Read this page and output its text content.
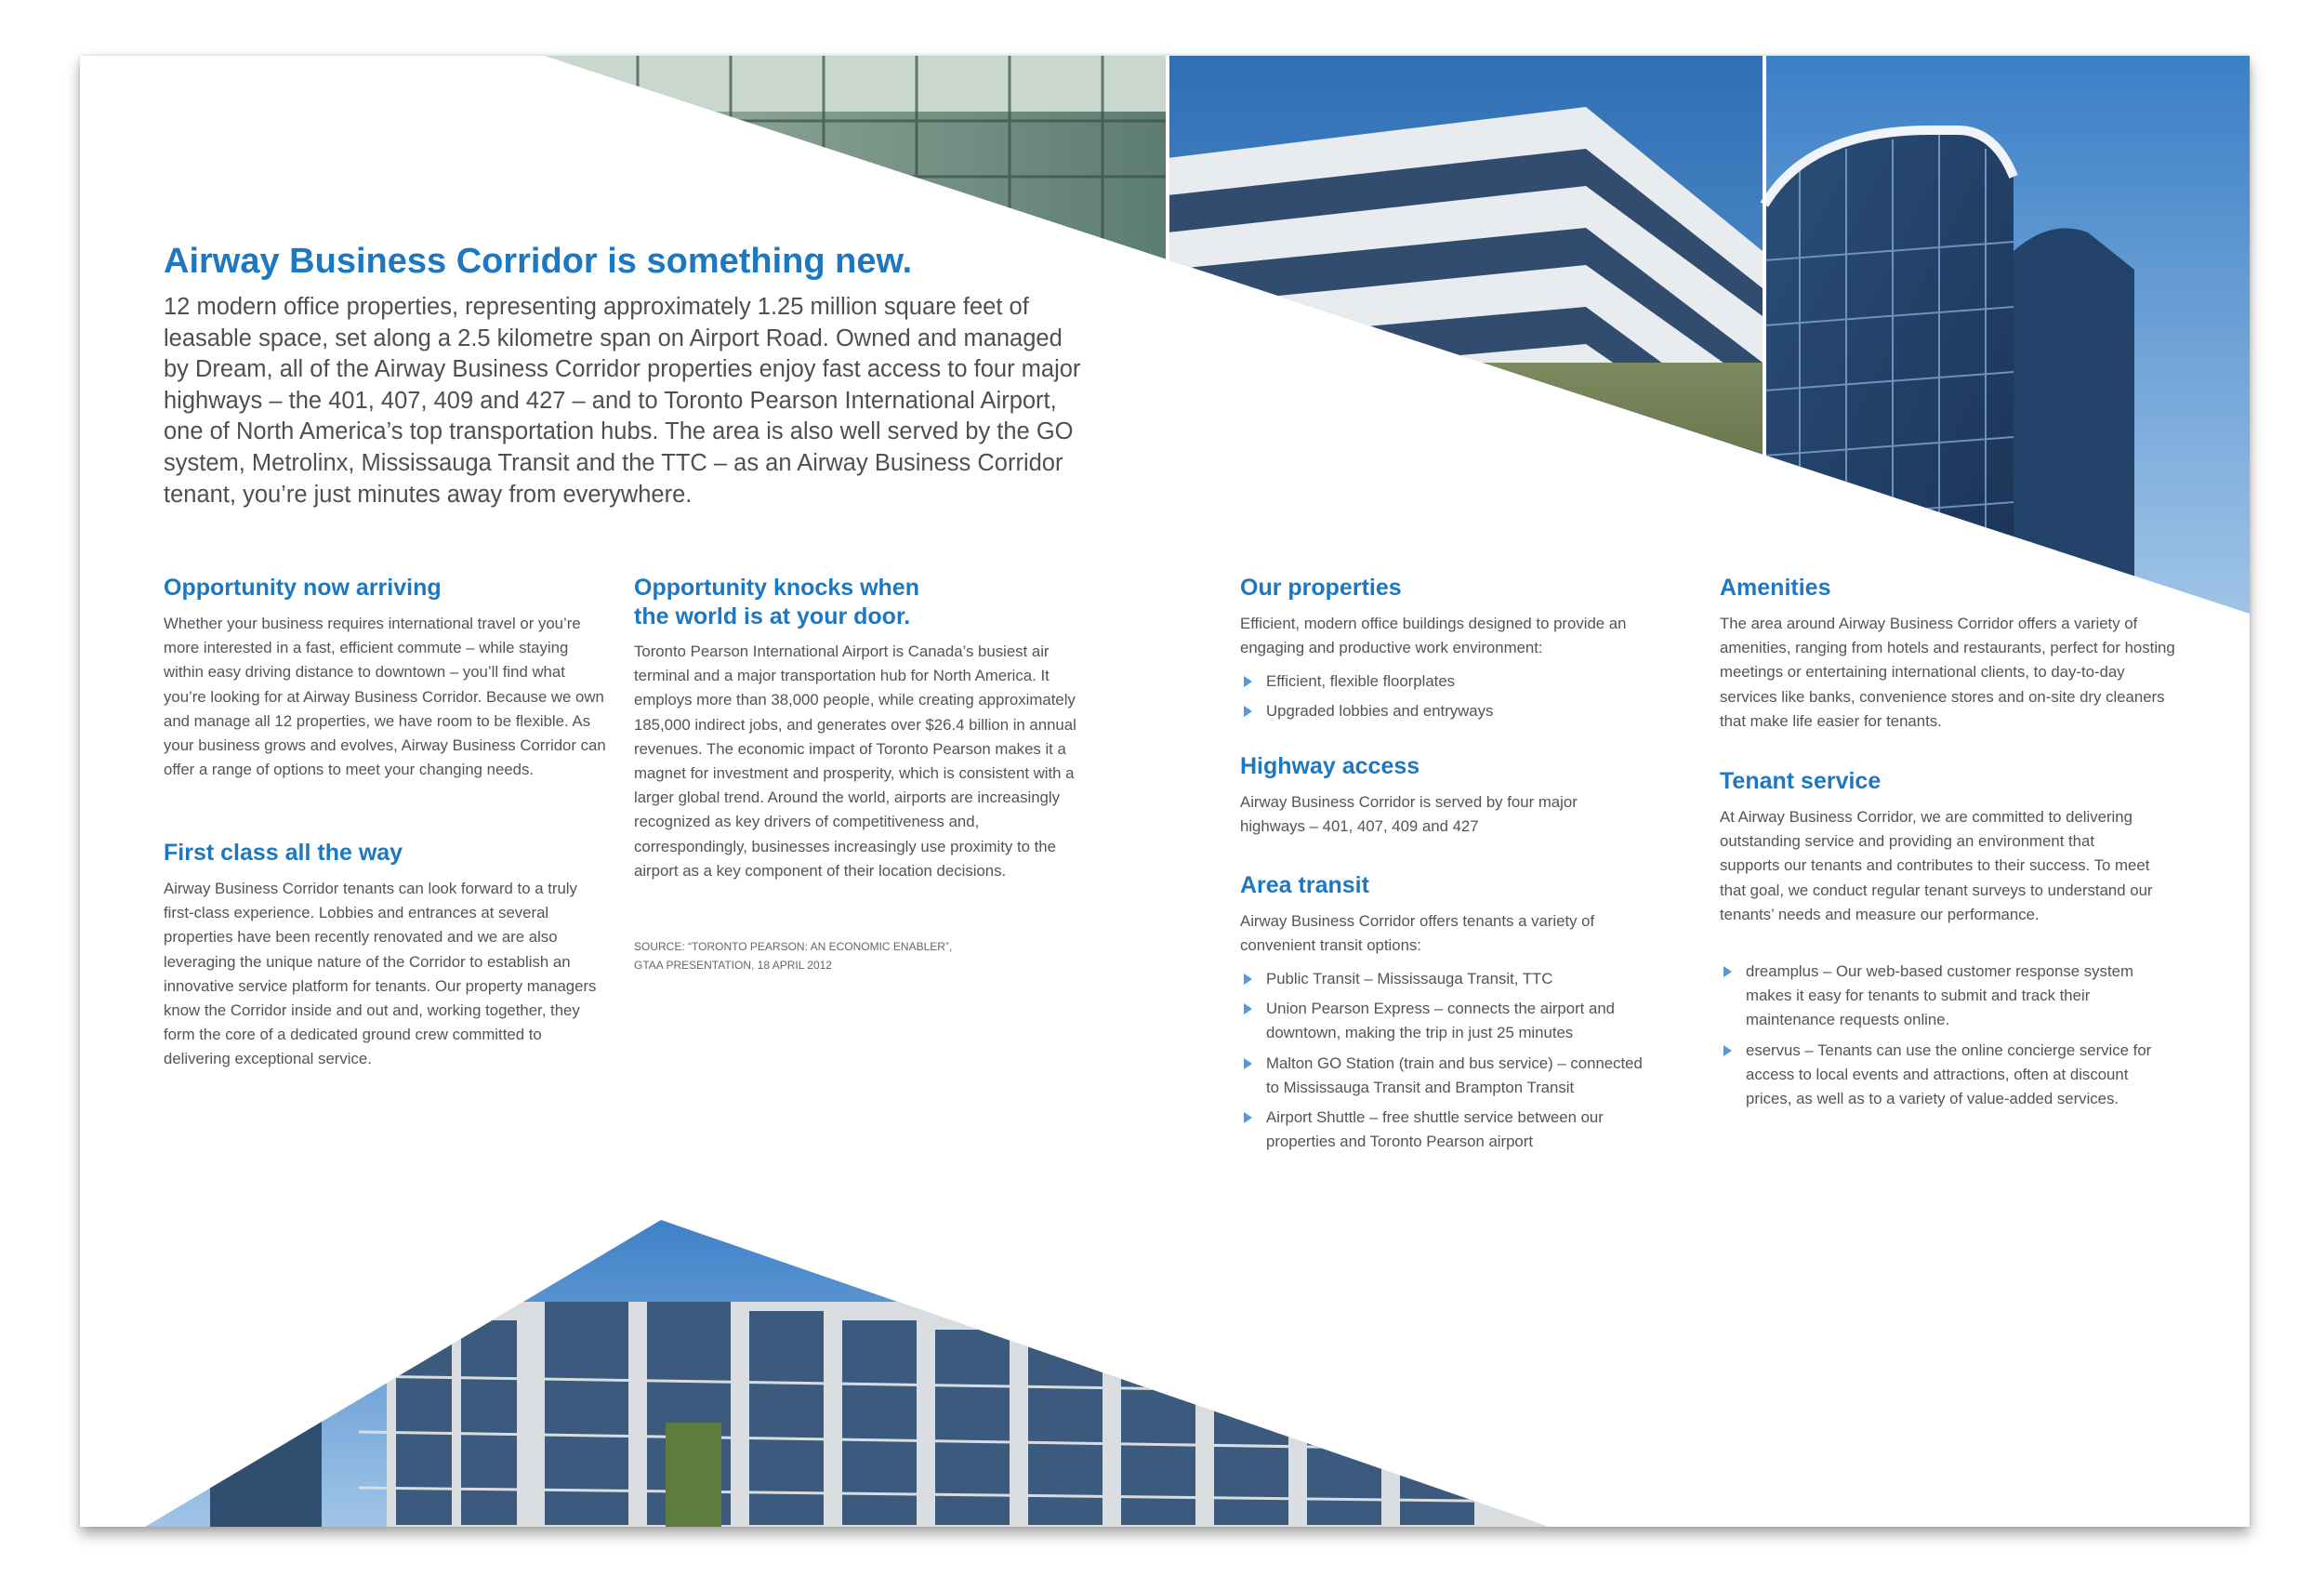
Airway Business Corridor is something new.

12 modern office properties, representing approximately 1.25 million square feet of leasable space, set along a 2.5 kilometre span on Airport Road. Owned and managed by Dream, all of the Airway Business Corridor properties enjoy fast access to four major highways – the 401, 407, 409 and 427 – and to Toronto Pearson International Airport, one of North America’s top transportation hubs. The area is also well served by the GO system, Metrolinx, Mississauga Transit and the TTC – as an Airway Business Corridor tenant, you’re just minutes away from everywhere.

Opportunity now arriving

Whether your business requires international travel or you’re more interested in a fast, efficient commute – while staying within easy driving distance to downtown – you’ll find what you’re looking for at Airway Business Corridor. Because we own and manage all 12 properties, we have room to be flexible. As your business grows and evolves, Airway Business Corridor can offer a range of options to meet your changing needs.

First class all the way

Airway Business Corridor tenants can look forward to a truly first-class experience. Lobbies and entrances at several properties have been recently renovated and we are also leveraging the unique nature of the Corridor to establish an innovative service platform for tenants. Our property managers know the Corridor inside and out and, working together, they form the core of a dedicated ground crew committed to delivering exceptional service.

Opportunity knocks when
the world is at your door.

Toronto Pearson International Airport is Canada’s busiest air terminal and a major transportation hub for North America. It employs more than 38,000 people, while creating approximately 185,000 indirect jobs, and generates over $26.4 billion in annual revenues. The economic impact of Toronto Pearson makes it a magnet for investment and prosperity, which is consistent with a larger global trend. Around the world, airports are increasingly recognized as key drivers of competitiveness and, correspondingly, businesses increasingly use proximity to the airport as a key component of their location decisions.

SOURCE: “TORONTO PEARSON: AN ECONOMIC ENABLER”,
GTAA PRESENTATION, 18 APRIL 2012

Our properties

Efficient, modern office buildings designed to provide an engaging and productive work environment:

Efficient, flexible floorplates
Upgraded lobbies and entryways
Highway access

Airway Business Corridor is served by four major highways – 401, 407, 409 and 427

Area transit

Airway Business Corridor offers tenants a variety of convenient transit options:

Public Transit – Mississauga Transit, TTC
Union Pearson Express – connects the airport and downtown, making the trip in just 25 minutes
Malton GO Station (train and bus service) – connected to Mississauga Transit and Brampton Transit
Airport Shuttle – free shuttle service between our properties and Toronto Pearson airport
Amenities

The area around Airway Business Corridor offers a variety of amenities, ranging from hotels and restaurants, perfect for hosting meetings or entertaining international clients, to day-to-day services like banks, convenience stores and on-site dry cleaners that make life easier for tenants.

Tenant service

At Airway Business Corridor, we are committed to delivering outstanding service and providing an environment that supports our tenants and contributes to their success. To meet that goal, we conduct regular tenant surveys to understand our tenants’ needs and measure our performance.

dreamplus – Our web-based customer response system makes it easy for tenants to submit and track their maintenance requests online.
eservus – Tenants can use the online concierge service for access to local events and attractions, often at discount prices, as well as to a variety of value-added services.
